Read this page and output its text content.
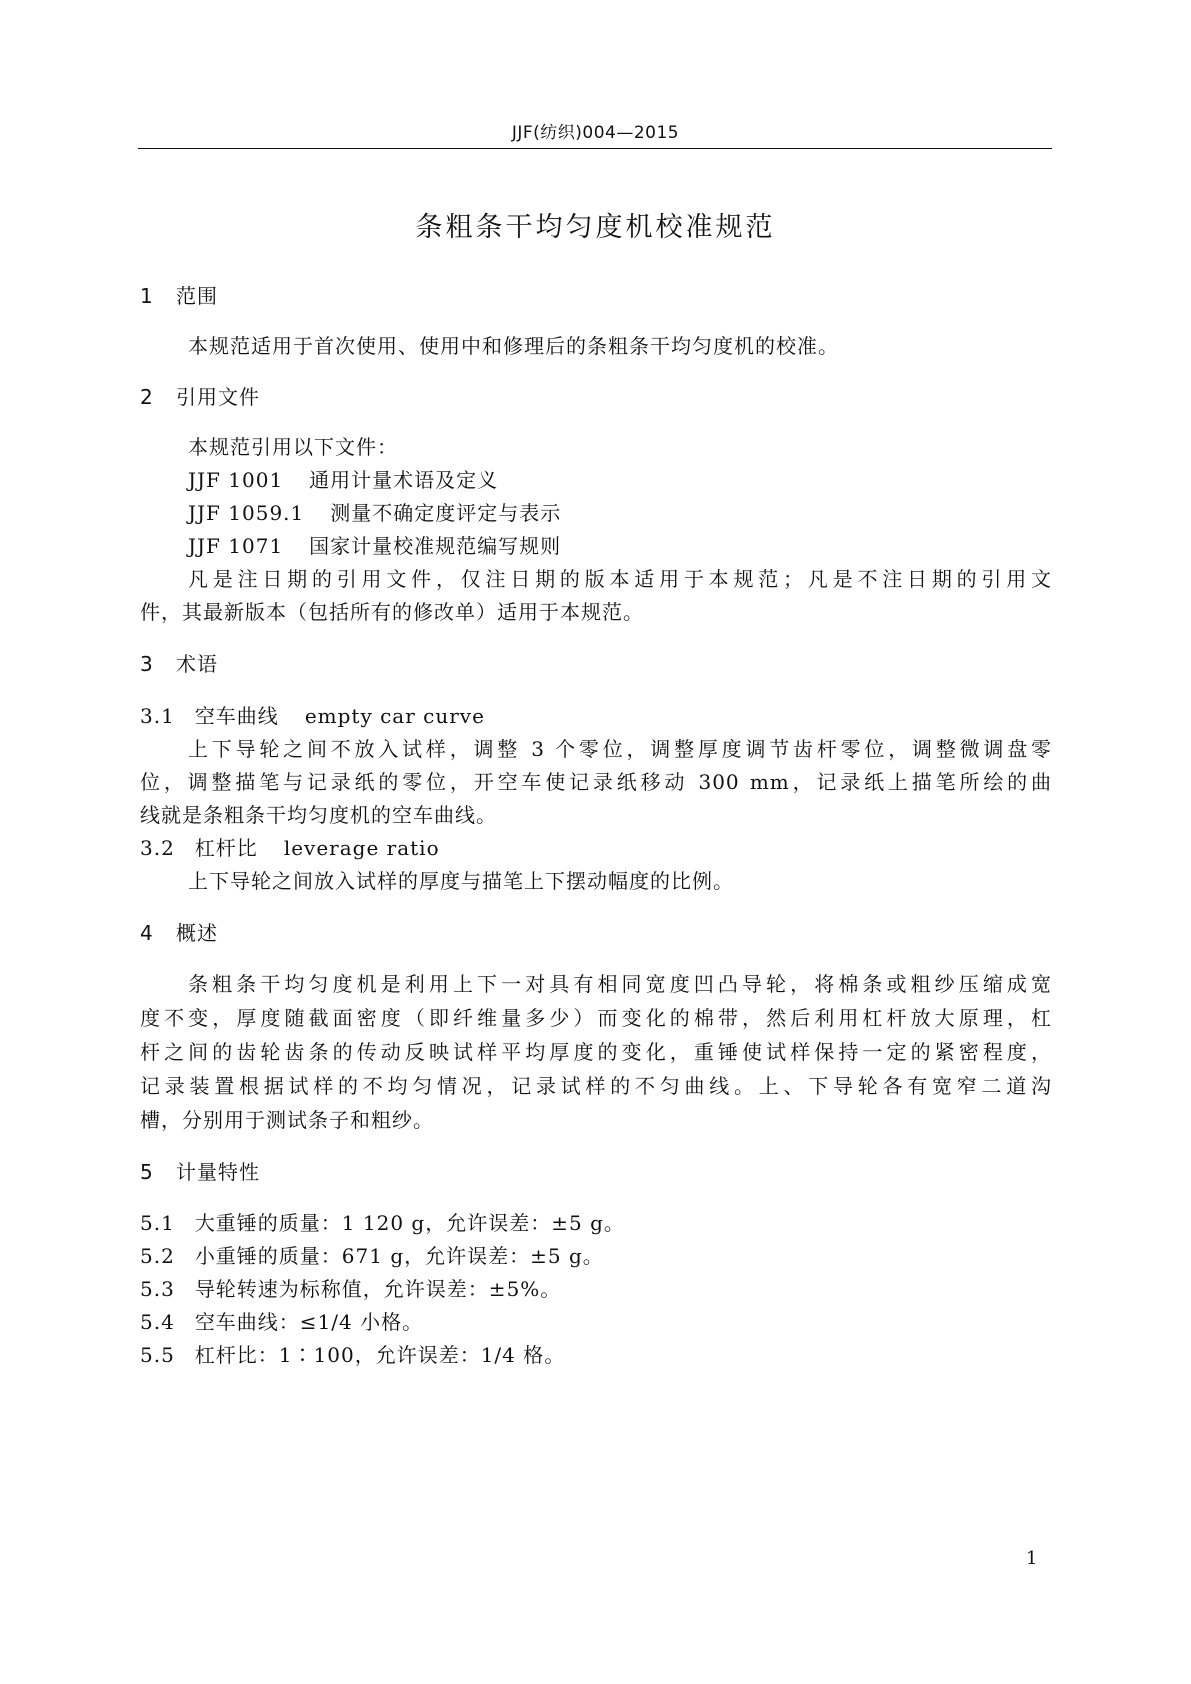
JJF(纺织)004—2015
条粗条干均匀度机校准规范
1 范围
本规范适用于首次使用、使用中和修理后的条粗条干均匀度机的校准。
2 引用文件
本规范引用以下文件：
JJF 1001 通用计量术语及定义
JJF 1059.1 测量不确定度评定与表示
JJF 1071 国家计量校准规范编写规则
凡是注日期的引用文件，仅注日期的版本适用于本规范；凡是不注日期的引用文
件，其最新版本（包括所有的修改单）适用于本规范。
3 术语
3.1 空车曲线 empty car curve
上下导轮之间不放入试样，调整 3 个零位，调整厚度调节齿杆零位，调整微调盘零
位，调整描笔与记录纸的零位，开空车使记录纸移动 300 mm，记录纸上描笔所绘的曲
线就是条粗条干均匀度机的空车曲线。
3.2 杠杆比 leverage ratio
上下导轮之间放入试样的厚度与描笔上下摆动幅度的比例。
4 概述
条粗条干均匀度机是利用上下一对具有相同宽度凹凸导轮，将棉条或粗纱压缩成宽
度不变，厚度随截面密度（即纤维量多少）而变化的棉带，然后利用杠杆放大原理，杠
杆之间的齿轮齿条的传动反映试样平均厚度的变化，重锤使试样保持一定的紧密程度，
记录装置根据试样的不均匀情况，记录试样的不匀曲线。上、下导轮各有宽窄二道沟
槽，分别用于测试条子和粗纱。
5 计量特性
5.1 大重锤的质量：1 120 g，允许误差：±5 g。
5.2 小重锤的质量：671 g，允许误差：±5 g。
5.3 导轮转速为标称值，允许误差：±5%。
5.4 空车曲线：≤1/4 小格。
5.5 杠杆比：1∶100，允许误差：1/4 格。
1
